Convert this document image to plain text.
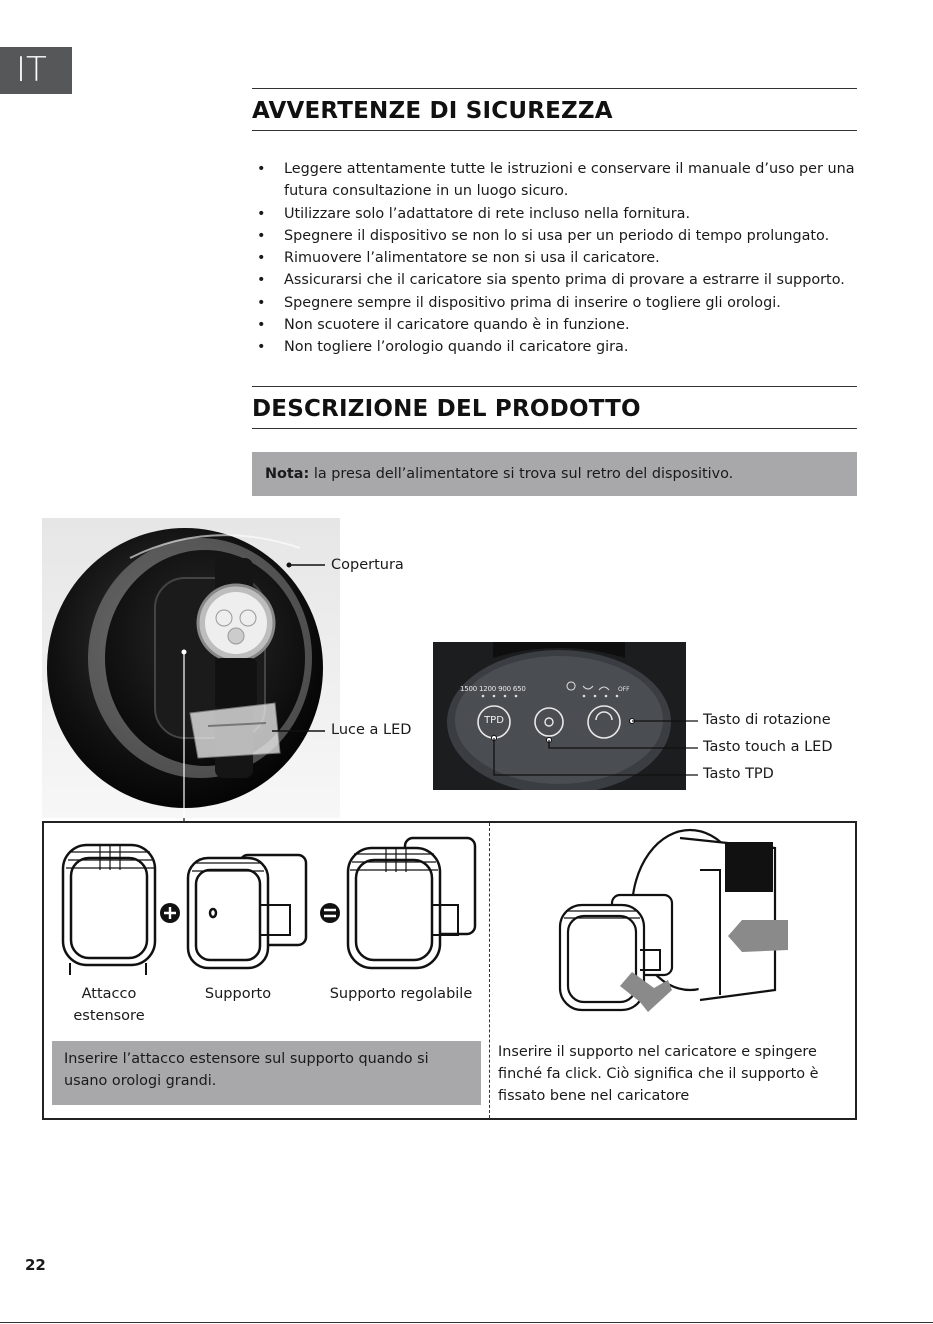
IT
AVVERTENZE DI SICUREZZA
• Leggere attentamente tutte le istruzioni e conservare il manuale d’uso per una futura consultazione in un luogo sicuro.
• Utilizzare solo l’adattatore di rete incluso nella fornitura.
• Spegnere il dispositivo se non lo si usa per un periodo di tempo prolungato.
• Rimuovere l’alimentatore se non si usa il caricatore.
• Assicurarsi che il caricatore sia spento prima di provare a estrarre il supporto.
• Spegnere sempre il dispositivo prima di inserire o togliere gli orologi.
• Non scuotere il caricatore quando è in funzione.
• Non togliere l’orologio quando il caricatore gira.
DESCRIZIONE DEL PRODOTTO
Nota: la presa dell’alimentatore si trova sul retro del dispositivo.
Copertura
Luce a LED
1500 1200 900 650	OFF
TPD	Tasto di rotazione
Tasto touch a LED
Tasto TPD
Attacco
estensore
Supporto	Supporto regolabile
Inserire l’attacco estensore sul supporto quando si usano orologi grandi.
Inserire il supporto nel caricatore e spingere finché fa click. Ciò significa che il supporto è fissato bene nel caricatore
22
